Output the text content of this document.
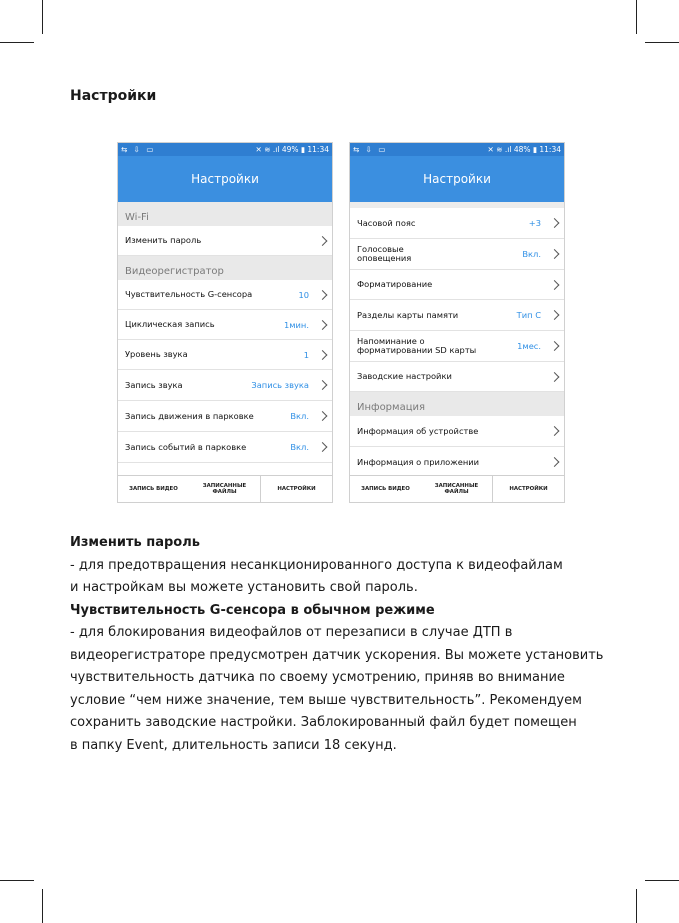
Настройки
⇆ ⇩ ▭	✕ ≋ .ıl 49% ▮ 11:34
Настройки
Wi-Fi
Изменить пароль
Видеорегистратор
Чувствительность G-сенсора	10
Циклическая запись	1мин.
Уровень звука	1
Запись звука	Запись звука
Запись движения в парковке	Вкл.
Запись событий в парковке	Вкл.
ЗАПИСЬ ВИДЕО	ЗАПИСАННЫЕ
ФАЙЛЫ	НАСТРОЙКИ
⇆ ⇩ ▭	✕ ≋ .ıl 48% ▮ 11:34
Настройки
Часовой пояс	+3
Голосовые
оповещения	Вкл.
Форматирование
Разделы карты памяти	Тип C
Напоминание о
форматировании SD карты	1мес.
Заводские настройки
Информация
Информация об устройстве
Информация о приложении
ЗАПИСЬ ВИДЕО	ЗАПИСАННЫЕ
ФАЙЛЫ	НАСТРОЙКИ
Изменить пароль

- для предотвращения несанкционированного доступа к видеофайлам

и настройкам вы можете установить свой пароль.

Чувствительность G-сенсора в обычном режиме

- для блокирования видеофайлов от перезаписи в случае ДТП в

видеорегистраторе предусмотрен датчик ускорения. Вы можете установить

чувствительность датчика по своему усмотрению, приняв во внимание

условие “чем ниже значение, тем выше чувствительность”. Рекомендуем

сохранить заводские настройки. Заблокированный файл будет помещен

в папку Event, длительность записи 18 секунд.
